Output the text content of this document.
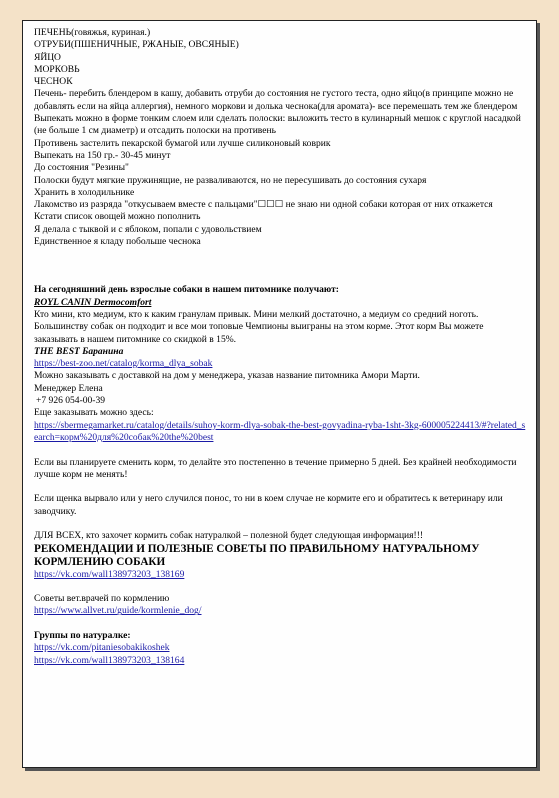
ПЕЧЕНЬ(говяжья, куриная.)

ОТРУБИ(ПШЕНИЧНЫЕ, РЖАНЫЕ, ОВСЯНЫЕ)

ЯЙЦО

МОРКОВЬ

ЧЕСНОК

Печень- перебить блендером в кашу, добавить отруби до состояния не густого теста, одно яйцо(в принципе можно не добавлять если на яйца аллергия), немного моркови и долька чеснока(для аромата)- все перемешать тем же блендером

Выпекать можно в форме тонким слоем или сделать полоски: выложить тесто в кулинарный мешок с круглой насадкой (не больше 1 см диаметр) и отсадить полоски на противень

Противень застелить пекарской бумагой или лучше силиконовый коврик

Выпекать на 150 гр.- 30-45 минут

До состояния "Резины"

Полоски будут мягкие пружинящие, не разваливаются, но не пересушивать до состояния сухаря

Хранить в холодильнике

Лакомство из разряда "откусываем вместе с пальцами"☐☐☐ не знаю ни одной собаки которая от них откажется

Кстати список овощей можно пополнить

Я делала с тыквой и с яблоком, попали с удовольствием

Единственное я кладу побольше чеснока

На сегодняшний день взрослые собаки в нашем питомнике получают:

ROYL CANIN Dermocomfort

Кто мини, кто медиум, кто к каким гранулам привык. Мини мелкий достаточно, а медиум со средний ноготь. Большинству собак он подходит и все мои топовые Чемпионы выиграны на этом корме. Этот корм Вы можете заказывать в нашем питомнике со скидкой в 15%.

THE BEST Баранина

https://best-zoo.net/catalog/korma_dlya_sobak

Можно заказывать с доставкой на дом у менеджера, указав название питомника Амори Марти.

Менеджер Елена

+7 926 054-00-39

Еще заказывать можно здесь:

https://sbermegamarket.ru/catalog/details/suhoy-korm-dlya-sobak-the-best-govyadina-ryba-1sht-3kg-600005224413/#?related_search=корм%20для%20собак%20the%20best

Если вы планируете сменить корм, то делайте это постепенно в течение примерно 5 дней. Без крайней необходимости лучше корм не менять!

Если щенка вырвало или у него случился понос, то ни в коем случае не кормите его и обратитесь к ветеринару или заводчику.

ДЛЯ ВСЕХ, кто захочет кормить собак натуралкой – полезной будет следующая информация!!!

РЕКОМЕНДАЦИИ И ПОЛЕЗНЫЕ СОВЕТЫ ПО ПРАВИЛЬНОМУ НАТУРАЛЬНОМУ КОРМЛЕНИЮ СОБАКИ

https://vk.com/wall138973203_138169

Советы вет.врачей по кормлению

https://www.allvet.ru/guide/kormlenie_dog/

Группы по натуралке:

https://vk.com/pitaniesobakikoshek

https://vk.com/wall138973203_138164
